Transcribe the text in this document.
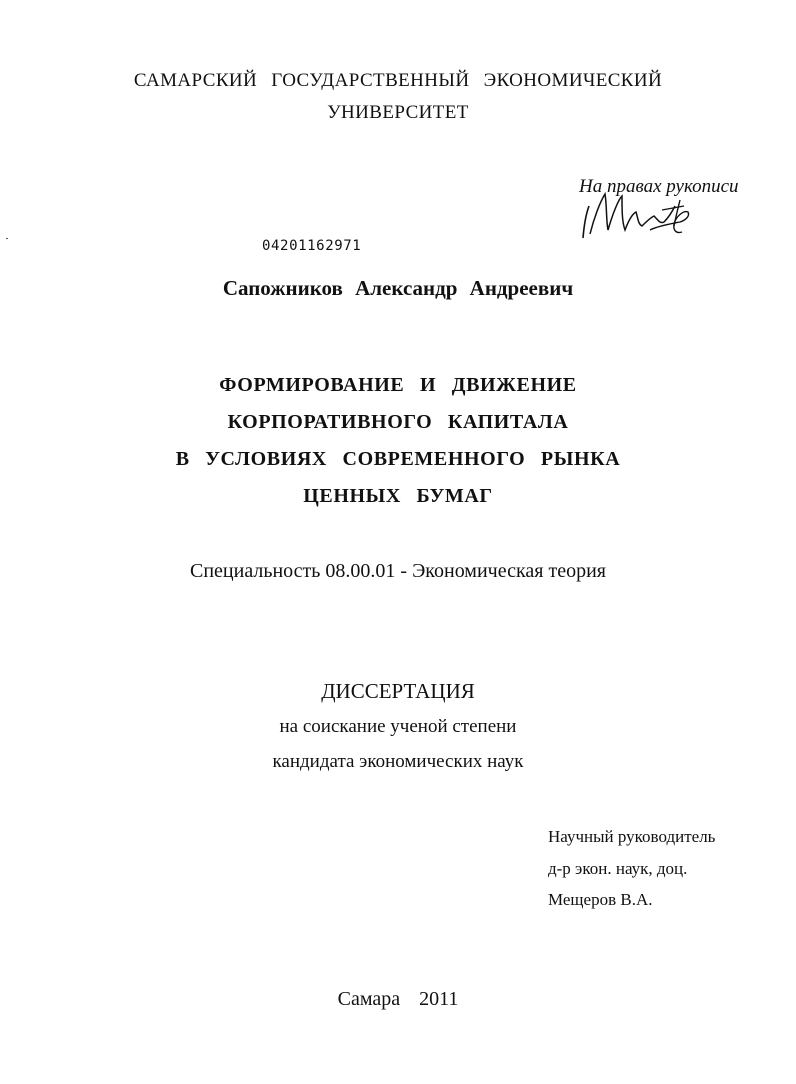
САМАРСКИЙ ГОСУДАРСТВЕННЫЙ ЭКОНОМИЧЕСКИЙ
УНИВЕРСИТЕТ
На правах рукописи
04201162971
Сапожников Александр Андреевич
ФОРМИРОВАНИЕ И ДВИЖЕНИЕ
КОРПОРАТИВНОГО КАПИТАЛА
В УСЛОВИЯХ СОВРЕМЕННОГО РЫНКА
ЦЕННЫХ БУМАГ
Специальность 08.00.01 - Экономическая теория
ДИССЕРТАЦИЯ
на соискание ученой степени
кандидата экономических наук
Научный руководитель
д-р экон. наук, доц.
Мещеров В.А.
Самара 2011
